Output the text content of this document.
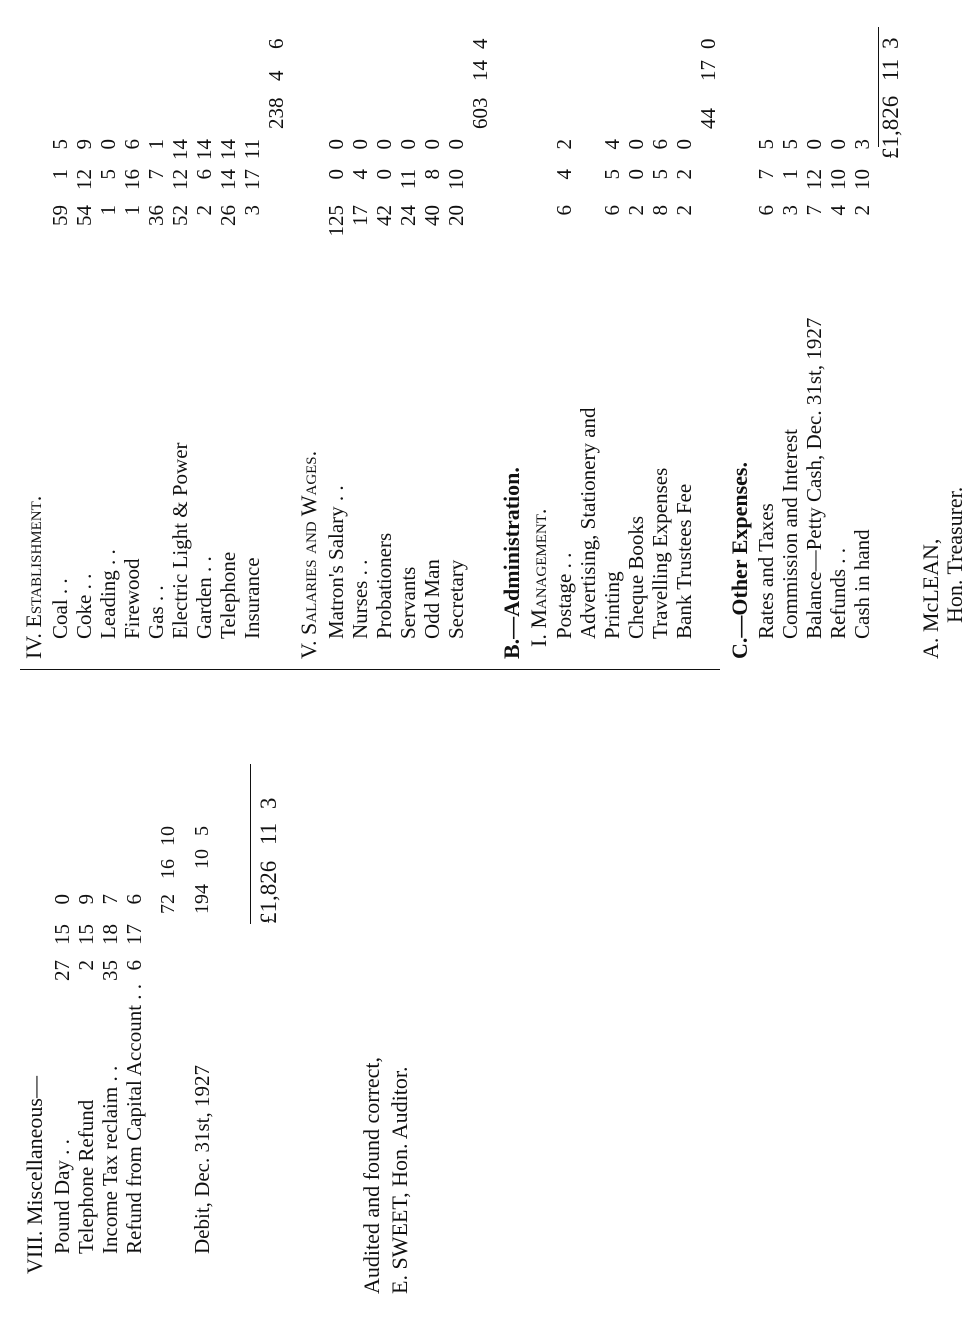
VIII. Miscellaneous— Pound Day . .
27
15
0
Telephone Refund
2
15
9
Income Tax reclaim . .
35
18
7
Refund from Capital Account . .
6
17
6 72 16 10
Debit, Dec. 31st, 1927
194 10 5
£1,826 11 3
Audited and found correct, E. SWEET, Hon. Auditor.
IV. Establishment. Coal . .
59
1
5
Coke . .
54
12
9
Leading . .
1
5
0
Firewood
1
16
6
Gas . .
36
7
1
Electric Light & Power
52
12
14
Garden . .
2
6
14
Telephone
26
14
14
Insurance
3
17
11
238
4
6
V. Salaries and Wages. Matron's Salary . .
125
0
0
Nurses . .
17
4
0
Probationers
42
0
0
Servants
24
11
0
Odd Man
40
8
0
Secretary
20
10
0
603
14
4
B.—Administration. I. Management. Postage . .
6
4
2
Advertising, Stationery and Printing
6
5
4
Cheque Books
2
0
0
Travelling Expenses
8
5
6
Bank Trustees Fee
2
2
0
44
17
0
C.—Other Expenses. Rates and Taxes
6
7
5
Commission and Interest
3
1
5
Balance—Petty Cash, Dec. 31st, 1927
7
12
0
Refunds . .
4
10
0
Cash in hand
2
10
3 £1,826
11
3
A. McLEAN, Hon. Treasurer.
